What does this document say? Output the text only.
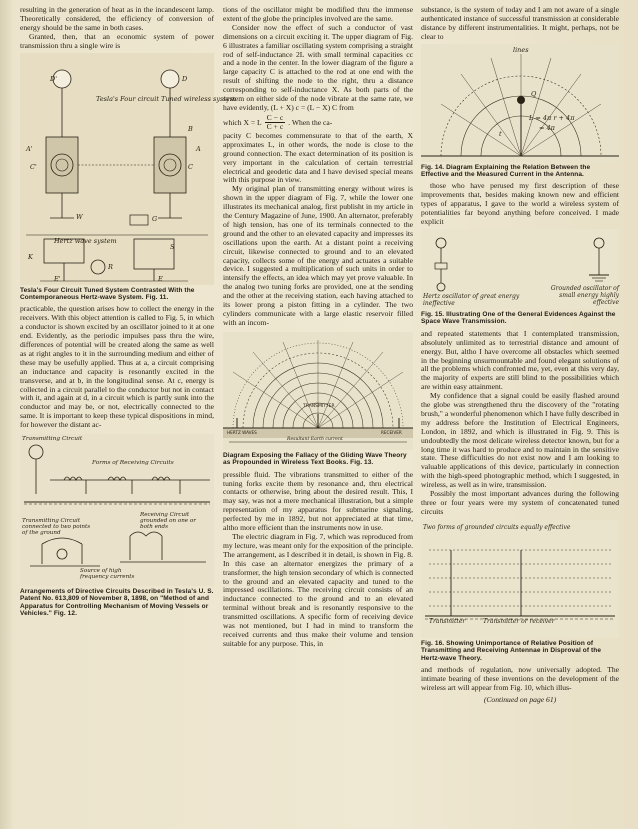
resulting in the generation of heat as in the incandescent lamp. Theoretically considered, the efficiency of conversion of energy should be the same in both cases.

Granted, then, that an economic system of power transmission thru a single wire is

Tesla's Four circuit Tuned wireless system
Hertz wave system
D'	D
A'
C'	C
B
A
G
W
S
K
E'	E
R
Tesla's Four Circuit Tuned System Contrasted With the Contemporaneous Hertz-wave System. Fig. 11.

practicable, the question arises how to collect the energy in the receivers. With this object attention is called to Fig. 5, in which a conductor is shown excited by an oscillator joined to it at one end. Evidently, as the periodic impulses pass thru the wire, differences of potential will be created along the same as well as at right angles to it in the surrounding medium and either of these may be usefully applied. Thus at a, a circuit comprising an inductance and capacity is resonantly excited in the transverse, and at b, in the longitudinal sense. At c, energy is collected in a circuit parallel to the conductor but not in contact with it, and again at d, in a circuit which is partly sunk into the conductor and may be, or not, electrically connected to the same. It is important to keep these typical dispositions in mind, for however the distant ac-

Transmitting Circuit
Forms of Receiving Circuits
Transmitting Circuit connected to two points of the ground
Receiving Circuit grounded on one or both ends
Source of high frequency currents
Arrangements of Directive Circuits Described in Tesla's U. S. Patent No. 613,809 of November 8, 1898, on "Method of and Apparatus for Controlling Mechanism of Moving Vessels or Vehicles." Fig. 12.

tions of the oscillator might be modified thru the immense extent of the globe the principles involved are the same.

Consider now the effect of such a conductor of vast dimensions on a circuit exciting it. The upper diagram of Fig. 6 illustrates a familiar oscillating system comprising a straight rod of self-inductance 2L with small terminal capacities cc and a node in the center. In the lower diagram of the figure a large capacity C is attached to the rod at one end with the result of shifting the node to the right, thru a distance corresponding to self-inductance X. As both parts of the system on either side of the node vibrate at the same rate, we have evidently, (L + X) c = (L − X) C from

which X = L $\frac{C - c}{C + c}$ . When the ca-

pacity C becomes commensurate to that of the earth, X approximates L, in other words, the node is close to the ground connection. The exact determination of its position is very important in the calculation of certain terrestrial electrical and geodetic data and I have devised special means with this purpose in view.

My original plan of transmitting energy without wires is shown in the upper diagram of Fig. 7, while the lower one illustrates its mechanical analog, first publisht in my article in the Century Magazine of June, 1900. An alternator, preferably of high tension, has one of its terminals connected to the ground and the other to an elevated capacity and impresses its oscillations upon the earth. At a distant point a receiving circuit, likewise connected to ground and to an elevated capacity, collects some of the energy and actuates a suitable device. I suggested a multiplication of such units in order to intensify the effects, an idea which may yet prove valuable. In the analog two tuning forks are provided, one at the sending and the other at the receiving station, each having attached to its lower prong a piston fitting in a cylinder. The two cylinders communicate with a large elastic reservoir filled with an incom-

TRANSMITTER
HERTZ WAVES	RECEIVER
Resultant Earth current
Diagram Exposing the Fallacy of the Gliding Wave Theory as Propounded in Wireless Text Books. Fig. 13.

pressible fluid. The vibrations transmitted to either of the tuning forks excite them by resonance and, thru electrical contacts or otherwise, bring about the desired result. This, I may say, was not a mere mechanical illustration, but a simple representation of my apparatus for submarine signaling, perfected by me in 1892, but not appreciated at that time, altho more efficient than the instruments now in use.

The electric diagram in Fig. 7, which was reproduced from my lecture, was meant only for the exposition of the principle. The arrangement, as I described it in detail, is shown in Fig. 8. In this case an alternator energizes the primary of a transformer, the high tension secondary of which is connected to the ground and an elevated capacity and tuned to the impressed oscillations. The receiving circuit consists of an inductance connected to the ground and to an elevated terminal without break and is resonantly responsive to the transmitted oscillations. A specific form of receiving device was not mentioned, but I had in mind to transform the received currents and thus make their volume and tension suitable for any purpose. This, in

substance, is the system of today and I am not aware of a single authenticated instance of successful transmission at considerable distance by different instrumentalities. It might, perhaps, not be clear to

lines
Q
L = 4π r + 4π
= 4π
t
Fig. 14. Diagram Explaining the Relation Between the Effective and the Measured Current in the Antenna.

those who have perused my first description of these improvements that, besides making known new and efficient types of apparatus, I gave to the world a wireless system of potentialities far beyond anything before conceived. I made explicit

Hertz oscillator of great energy ineffective
Grounded oscillator of small energy highly effective
Fig. 15. Illustrating One of the General Evidences Against the Space Wave Transmission.

and repeated statements that I contemplated transmission, absolutely unlimited as to terrestrial distance and amount of energy. But, altho I have overcome all obstacles which seemed in the beginning unsurmountable and found elegant solutions of all the problems which confronted me, yet, even at this very day, the majority of experts are still blind to the possibilities which are within easy attainment.

My confidence that a signal could be easily flashed around the globe was strengthened thru the discovery of the "rotating brush," a wonderful phenomenon which I have fully described in my address before the Institution of Electrical Engineers, London, in 1892, and which is illustrated in Fig. 9. This is undoubtedly the most delicate wireless detector known, but for a long time it was hard to produce and to maintain in the sensitive state. These difficulties do not exist now and I am looking to valuable applications of this device, particularly in connection with the high-speed photographic method, which I suggested, in wireless, as well as in wire, transmission.

Possibly the most important advances during the following three or four years were my system of concatenated tuned circuits

Two forms of grounded circuits equally effective
Transmitter	Transmitter or receiver
Fig. 16. Showing Unimportance of Relative Position of Transmitting and Receiving Antennae in Disproval of the Hertz-wave Theory.

and methods of regulation, now universally adopted. The intimate bearing of these inventions on the development of the wireless art will appear from Fig. 10, which illus-

(Continued on page 61)
